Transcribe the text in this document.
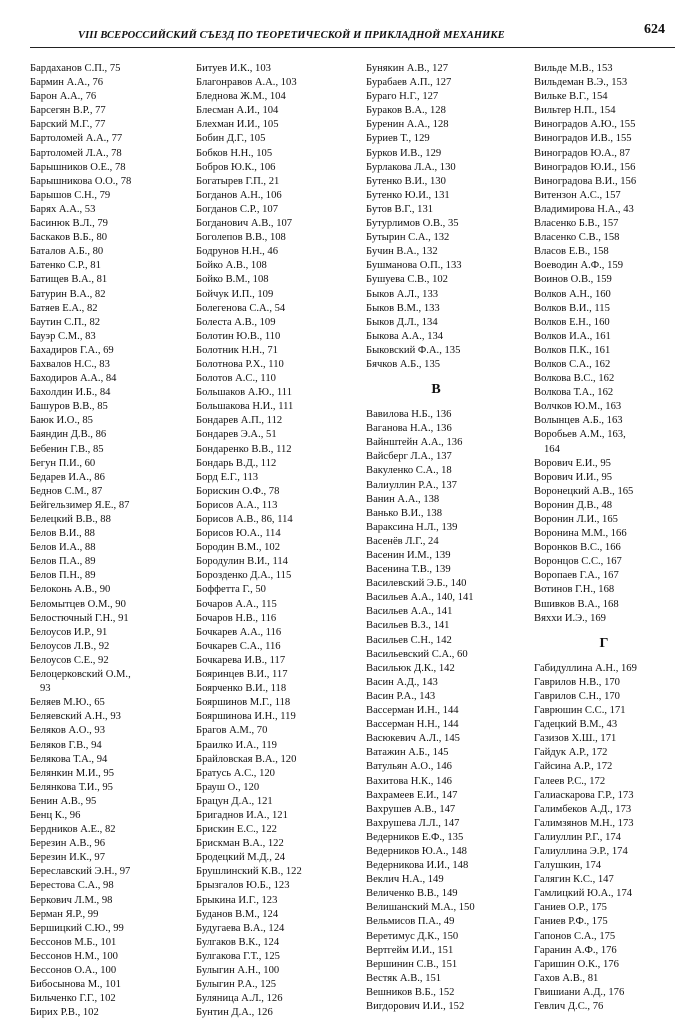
624
VIII ВСЕРОССИЙСКИЙ СЪЕЗД ПО ТЕОРЕТИЧЕСКОЙ И ПРИКЛАДНОЙ МЕХАНИКЕ
Бардаханов С.П., 75
Бармин А.А., 76
Барон А.А., 76
Барсегян В.Р., 77
Барский М.Г., 77
Бартоломей А.А., 77
Бартоломей Л.А., 78
Барышников О.Е., 78
Барышникова О.О., 78
Барышов С.Н., 79
Барях А.А., 53
Басинюк В.Л., 79
Баскаков В.Б., 80
Баталов А.Б., 80
Батенко С.Р., 81
Батищев В.А., 81
Батурин В.А., 82
Батяев Е.А., 82
Баутин С.П., 82
Бауэр С.М., 83
Бахадиров Г.А., 69
Бахвалов Н.С., 83
Баходиров А.А., 84
Бахолдин И.Б., 84
Башуров В.В., 85
Баюк И.О., 85
Баяндин Д.В., 86
Бебенин Г.В., 85
Бегун П.И., 60
Бедарев И.А., 86
Беднов С.М., 87
Бейгельзимер Я.Е., 87
Белецкий В.В., 88
Белов В.И., 88
Белов И.А., 88
Белов П.А., 89
Белов П.Н., 89
Белоконь А.В., 90
Беломытцев О.М., 90
Белостючный Г.Н., 91
Белоусов И.Р., 91
Белоусов Л.В., 92
Белоусов С.Е., 92
Белоцерковский О.М.,
93
Беляев М.Ю., 65
Беляевский А.Н., 93
Беляков А.О., 93
Беляков Г.В., 94
Белякова Т.А., 94
Белянкин М.И., 95
Белянкова Т.И., 95
Бенин А.В., 95
Бенц К., 96
Бердников А.Е., 82
Березин А.В., 96
Березин И.К., 97
Береславский Э.Н., 97
Берестова С.А., 98
Беркович Л.М., 98
Берман Я.Р., 99
Бершицкий С.Ю., 99
Бессонов М.Б., 101
Бессонов Н.М., 100
Бессонов О.А., 100
Бибосынова М., 101
Бильченко Г.Г., 102
Бирих Р.В., 102
Битуев И.К., 103
Благонравов А.А., 103
Бледнова Ж.М., 104
Блесман А.И., 104
Блехман И.И., 105
Бобин Д.Г., 105
Бобков Н.Н., 105
Бобров Ю.К., 106
Богатырев Г.П., 21
Богданов А.Н., 106
Богданов С.Р., 107
Богданович А.В., 107
Боголепов В.В., 108
Бодрунов Н.Н., 46
Бойко А.В., 108
Бойко В.М., 108
Бойчук И.П., 109
Болегенова С.А., 54
Болеста А.В., 109
Болотин Ю.В., 110
Болотник Н.Н., 71
Болотнова Р.Х., 110
Болотов А.С., 110
Большаков А.Ю., 111
Большакова Н.И., 111
Бондарев А.П., 112
Бондарев Э.А., 51
Бондаренко В.В., 112
Бондарь В.Д., 112
Борд Е.Г., 113
Борискин О.Ф., 78
Борисов А.А., 113
Борисов А.В., 86, 114
Борисов Ю.А., 114
Бородин В.М., 102
Бородулин В.И., 114
Борозденко Д.А., 115
Боффетта Г., 50
Бочаров А.А., 115
Бочаров Н.В., 116
Бочкарев А.А., 116
Бочкарев С.А., 116
Бочкарева И.В., 117
Бояринцев В.И., 117
Боярченко В.И., 118
Бояршинов М.Г., 118
Бояршинова И.Н., 119
Брагов А.М., 70
Браилко И.А., 119
Брайловская В.А., 120
Братусь А.С., 120
Брауш О., 120
Брацун Д.А., 121
Бригаднов И.А., 121
Брискин Е.С., 122
Брискман В.А., 122
Бродецкий М.Д., 24
Брушлинский К.В., 122
Брызгалов Ю.Б., 123
Брыкина И.Г., 123
Буданов В.М., 124
Будугаева В.А., 124
Булгаков В.К., 124
Булгакова Г.Т., 125
Булыгин А.Н., 100
Булыгин Р.А., 125
Буляница А.Л., 126
Бунтин Д.А., 126
Бунякин А.В., 127
Бурабаев А.П., 127
Бураго Н.Г., 127
Бураков В.А., 128
Буренин А.А., 128
Буриев Т., 129
Бурков И.В., 129
Бурлакова Л.А., 130
Бутенко В.И., 130
Бутенко Ю.И., 131
Бутов В.Г., 131
Бутурлимов О.В., 35
Бутырин С.А., 132
Бучин В.А., 132
Бушманова О.П., 133
Бушуева С.В., 102
Быков А.Л., 133
Быков В.М., 133
Быков Д.Л., 134
Быкова А.А., 134
Быковский Ф.А., 135
Бячков А.Б., 135
В
Вавилова Н.Б., 136
Ваганова Н.А., 136
Вайнштейн А.А., 136
Вайсберг Л.А., 137
Вакуленко С.А., 18
Валиуллин Р.А., 137
Ванин А.А., 138
Ванько В.И., 138
Вараксина Н.Л., 139
Васенёв Л.Г., 24
Васенин И.М., 139
Васенина Т.В., 139
Василевский Э.Б., 140
Васильев А.А., 140, 141
Васильев А.А., 141
Васильев В.З., 141
Васильев С.Н., 142
Васильевский С.А., 60
Васильюк Д.К., 142
Васин А.Д., 143
Васин Р.А., 143
Вассерман И.Н., 144
Вассерман Н.Н., 144
Васюкевич А.Л., 145
Ватажин А.Б., 145
Ватульян А.О., 146
Вахитова Н.К., 146
Вахрамеев Е.И., 147
Вахрушев А.В., 147
Вахрушева Л.Л., 147
Ведерников Е.Ф., 135
Ведерников Ю.А., 148
Ведерникова И.И., 148
Веклич Н.А., 149
Величенко В.В., 149
Велишанский М.А., 150
Вельмисов П.А., 49
Веретимус Д.К., 150
Вертгейм И.И., 151
Вершинин С.В., 151
Вестяк А.В., 151
Вешников В.Б., 152
Вигдорович И.И., 152
Вильде М.В., 153
Вильдеман В.Э., 153
Вильке В.Г., 154
Вильтер Н.П., 154
Виноградов А.Ю., 155
Виноградов И.В., 155
Виноградов Ю.А., 87
Виноградов Ю.И., 156
Виноградова В.И., 156
Витензон А.С., 157
Владимирова Н.А., 43
Власенко Б.В., 157
Власенко С.В., 158
Власов Е.В., 158
Воеводин А.Ф., 159
Воинов О.В., 159
Волков А.Н., 160
Волков В.И., 115
Волков Е.Н., 160
Волков И.А., 161
Волков П.К., 161
Волков С.А., 162
Волкова В.С., 162
Волкова Т.А., 162
Волчков Ю.М., 163
Волынцев А.Б., 163
Воробьев А.М., 163,
164
Ворович Е.И., 95
Ворович И.И., 95
Воронецкий А.В., 165
Воронин Д.В., 48
Воронин Л.И., 165
Воронина М.М., 166
Воронков В.С., 166
Воронцов С.С., 167
Воропаев Г.А., 167
Вотинов Г.Н., 168
Вшивков В.А., 168
Вяххи И.Э., 169
Г
Габидуллина А.Н., 169
Гаврилов Н.В., 170
Гаврилов С.Н., 170
Гаврюшин С.С., 171
Гадецкий В.М., 43
Газизов Х.Ш., 171
Гайдук А.Р., 172
Гайсина А.Р., 172
Галеев Р.С., 172
Галиаскарова Г.Р., 173
Галимбеков А.Д., 173
Галимзянов М.Н., 173
Галиуллин Р.Г., 174
Галиуллина Э.Р., 174
Галушкин, 174
Галягин К.С., 147
Гамлицкий Ю.А., 174
Ганиев О.Р., 175
Ганиев Р.Ф., 175
Гапонов С.А., 175
Гаранин А.Ф., 176
Гаришин О.К., 176
Гахов А.В., 81
Гвишиани А.Д., 176
Гевлич Д.С., 76
